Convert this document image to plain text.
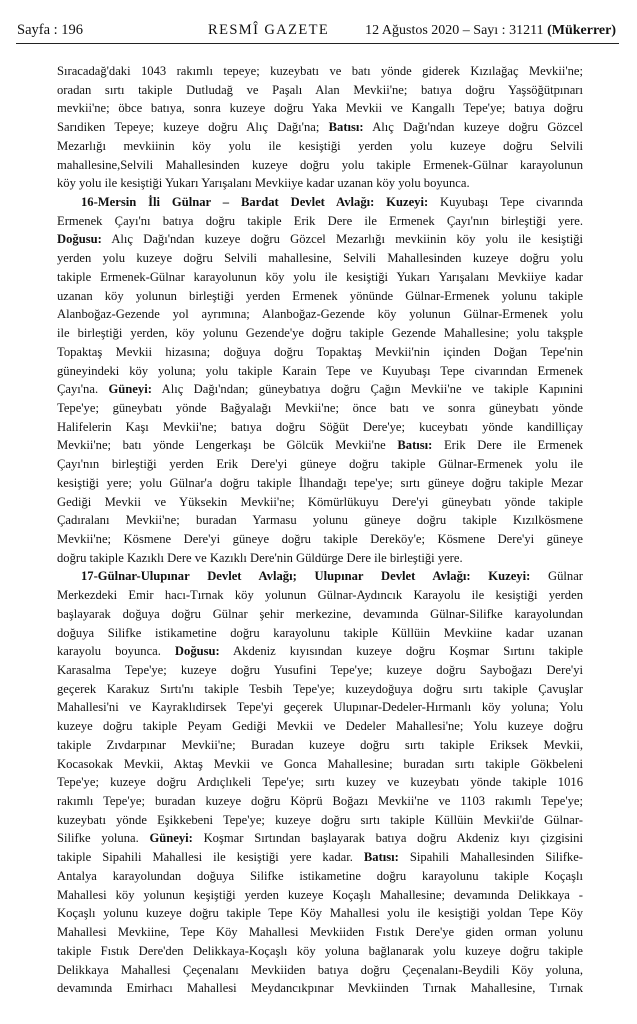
Sayfa : 196	RESMÎ GAZETE	12 Ağustos 2020 – Sayı : 31211 (Mükerrer)
Sıracadağ'daki 1043 rakımlı tepeye; kuzeybatı ve batı yönde giderek Kızılağaç Mevkii'ne;
oradan sırtı takiple Dutludağ ve Paşalı Alan Mevkii'ne; batıya doğru Yaşsöğütpınarı
mevkii'ne; öbce batıya, sonra kuzeye doğru Yaka Mevkii ve Kangallı Tepe'ye; batıya doğru
Sarıdiken Tepeye; kuzeye doğru Alıç Dağı'na; Batısı: Alıç Dağı'ndan kuzeye doğru Gözcel
Mezarlığı mevkiinin köy yolu ile kesiştiği yerden yolu kuzeye doğru Selvili
mahallesine,Selvili Mahallesinden kuzeye doğru yolu takiple Ermenek-Gülnar karayolunun
köy yolu ile kesiştiği Yukarı Yarışalanı Mevkiiye kadar uzanan köy yolu boyunca.
16-Mersin İli Gülnar – Bardat Devlet Avlağı: Kuzeyi: Kuyubaşı Tepe civarında
Ermenek Çayı'nı batıya doğru takiple Erik Dere ile Ermenek Çayı'nın birleştiği yere.
Doğusu: Alıç Dağı'ndan kuzeye doğru Gözcel Mezarlığı mevkiinin köy yolu ile kesiştiği
yerden yolu kuzeye doğru Selvili mahallesine, Selvili Mahallesinden kuzeye doğru yolu
takiple Ermenek-Gülnar karayolunun köy yolu ile kesiştiği Yukarı Yarışalanı Mevkiiye kadar
uzanan köy yolunun birleştiği yerden Ermenek yönünde Gülnar-Ermenek yolunu takiple
Alanboğaz-Gezende yol ayrımına; Alanboğaz-Gezende köy yolunun Gülnar-Ermenek yolu
ile birleştiği yerden, köy yolunu Gezende'ye doğru takiple Gezende Mahallesine; yolu takşple
Topaktaş Mevkii hizasına; doğuya doğru Topaktaş Mevkii'nin içinden Doğan Tepe'nin
güneyindeki köy yoluna; yolu takiple Karain Tepe ve Kuyubaşı Tepe civarından Ermenek
Çayı'na. Güneyi: Alıç Dağı'ndan; güneybatıya doğru Çağın Mevkii'ne ve takiple Kapınini
Tepe'ye; güneybatı yönde Bağyalağı Mevkii'ne; önce batı ve sonra güneybatı yönde
Halifelerin Kaşı Mevkii'ne; batıya doğru Söğüt Dere'ye; kuceybatı yönde kandilliçay
Mevkii'ne; batı yönde Lengerkaşı be Gölcük Mevkii'ne Batısı: Erik Dere ile Ermenek
Çayı'nın birleştiği yerden Erik Dere'yi güneye doğru takiple Gülnar-Ermenek yolu ile
kesiştiği yere; yolu Gülnar'a doğru takiple İlhandağı tepe'ye; sırtı güneye doğru takiple Mezar
Gediği Mevkii ve Yüksekin Mevkii'ne; Kömürlükuyu Dere'yi güneybatı yönde takiple
Çadıralanı Mevkii'ne; buradan Yarmasu yolunu güneye doğru takiple Kızılkösmene
Mevkii'ne; Kösmene Dere'yi güneye doğru takiple Dereköy'e; Kösmene Dere'yi güneye
doğru takiple Kazıklı Dere ve Kazıklı Dere'nin Güldürge Dere ile birleştiği yere.
17-Gülnar-Ulupınar Devlet Avlağı; Ulupınar Devlet Avlağı: Kuzeyi: Gülnar
Merkezdeki Emir hacı-Tırnak köy yolunun Gülnar-Aydıncık Karayolu ile kesiştiği yerden
başlayarak doğuya doğru Gülnar şehir merkezine, devamında Gülnar-Silifke karayolundan
doğuya Silifke istikametine doğru karayolunu takiple Küllüin Mevkiine kadar uzanan
karayolu boyunca. Doğusu: Akdeniz kıyısından kuzeye doğru Koşmar Sırtını takiple
Karasalma Tepe'ye; kuzeye doğru Yusufini Tepe'ye; kuzeye doğru Sayboğazı Dere'yi
geçerek Karakuz Sırtı'nı takiple Tesbih Tepe'ye; kuzeydoğuya doğru sırtı takiple Çavuşlar
Mahallesi'ni ve Kayraklıdirsek Tepe'yi geçerek Ulupınar-Dedeler-Hırmanlı köy yoluna; Yolu
kuzeye doğru takiple Peyam Gediği Mevkii ve Dedeler Mahallesi'ne; Yolu kuzeye doğru
takiple Zıvdarpınar Mevkii'ne; Buradan kuzeye doğru sırtı takiple Eriksek Mevkii,
Kocasokak Mevkii, Aktaş Mevkii ve Gonca Mahallesine; buradan sırtı takiple Gökbeleni
Tepe'ye; kuzeye doğru Ardıçlıkeli Tepe'ye; sırtı kuzey ve kuzeybatı yönde takiple 1016
rakımlı Tepe'ye; buradan kuzeye doğru Köprü Boğazı Mevkii'ne ve 1103 rakımlı Tepe'ye;
kuzeybatı yönde Eşikkebeni Tepe'ye; kuzeye doğru sırtı takiple Küllüin Mevkii'de Gülnar-
Silifke yoluna. Güneyi: Koşmar Sırtından başlayarak batıya doğru Akdeniz kıyı çizgisini
takiple Sipahili Mahallesi ile kesiştiği yere kadar. Batısı: Sipahili Mahallesinden Silifke-
Antalya karayolundan doğuya Silifke istikametine doğru karayolunu takiple Koçaşlı
Mahallesi köy yolunun keşiştiği yerden kuzeye Koçaşlı Mahallesine; devamında Delikkaya -
Koçaşlı yolunu kuzeye doğru takiple Tepe Köy Mahallesi yolu ile kesiştiği yoldan Tepe Köy
Mahallesi Mevkiine, Tepe Köy Mahallesi Mevkiiden Fıstık Dere'ye giden orman yolunu
takiple Fıstık Dere'den Delikkaya-Koçaşlı köy yoluna bağlanarak yolu kuzeye doğru takiple
Delikkaya Mahallesi Çeçenalanı Mevkiiden batıya doğru Çeçenalanı-Beydili Köy yoluna,
devamında Emirhacı Mahallesi Meydancıkpınar Mevkiinden Tırnak Mahallesine, Tırnak
